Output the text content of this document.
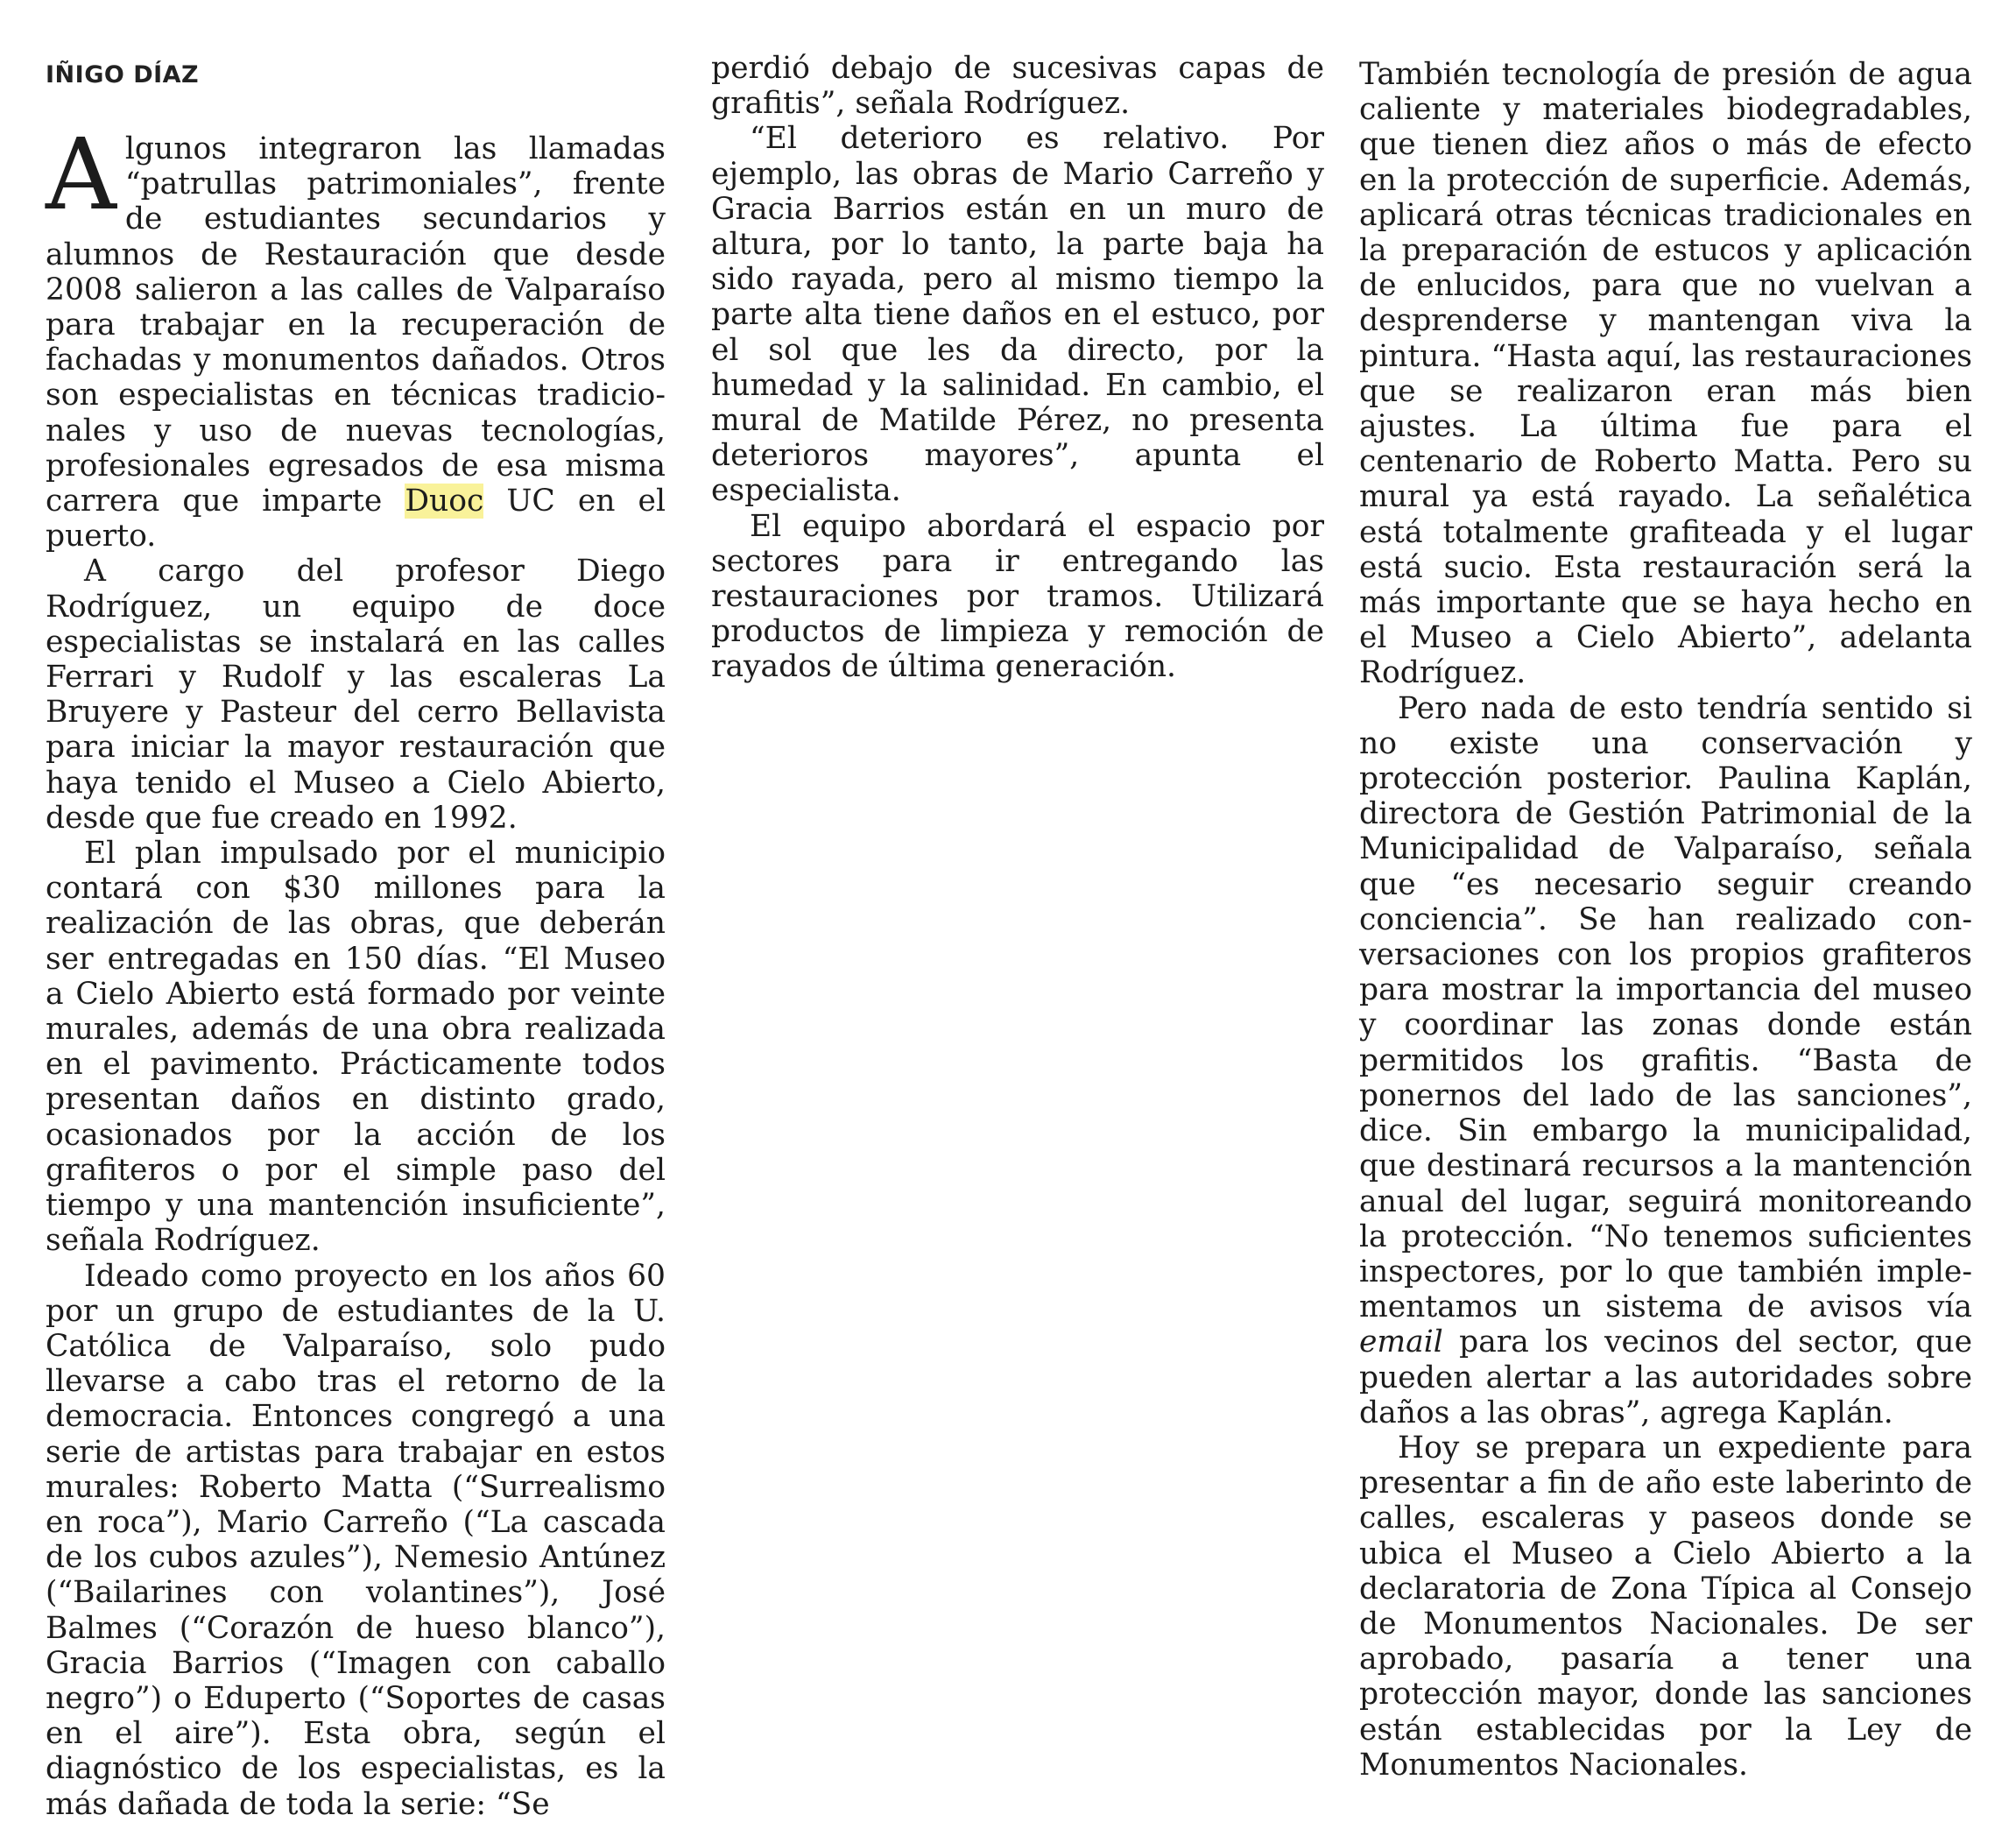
IÑIGO DÍAZ

Algunos integraron las llamadas “patrullas patrimoniales”, frente de estudiantes secundarios y alumnos de Restauración que desde 2008 salieron a las calles de Valparaíso para trabajar en la recuperación de fachadas y monumentos dañados. Otros son especialistas en técnicas tradicionales y uso de nuevas tecnologías, profesionales egresados de esa misma carrera que imparte Duoc UC en el puerto.

A cargo del profesor Diego Rodríguez, un equipo de doce especialistas se instalará en las calles Ferrari y Rudolf y las escaleras La Bruyere y Pasteur del cerro Bellavista para iniciar la mayor restauración que haya tenido el Museo a Cielo Abierto, desde que fue creado en 1992.

El plan impulsado por el municipio contará con $30 millones para la realización de las obras, que deberán ser entregadas en 150 días. “El Museo a Cielo Abierto está formado por veinte murales, además de una obra realizada en el pavimento. Prácticamente todos presentan daños en distinto grado, ocasionados por la acción de los grafiteros o por el simple paso del tiempo y una mantención insuficiente”, señala Rodríguez.

Ideado como proyecto en los años 60 por un grupo de estudiantes de la U. Católica de Valparaíso, solo pudo llevarse a cabo tras el retorno de la democracia. Entonces congregó a una serie de artistas para trabajar en estos murales: Roberto Matta (“Surrealismo en roca”), Mario Carreño (“La cascada de los cubos azules”), Nemesio Antúnez (“Bailarines con volantines”), José Balmes (“Corazón de hueso blanco”), Gracia Barrios (“Imagen con caballo negro”) o Eduperto (“Soportes de casas en el aire”). Esta obra, según el diagnóstico de los especialistas, es la más dañada de toda la serie: “Se

perdió debajo de sucesivas capas de grafitis”, señala Rodríguez.

“El deterioro es relativo. Por ejemplo, las obras de Mario Carreño y Gracia Barrios están en un muro de altura, por lo tanto, la parte baja ha sido rayada, pero al mismo tiempo la parte alta tiene daños en el estuco, por el sol que les da directo, por la humedad y la salinidad. En cambio, el mural de Matilde Pérez, no presenta deterioros mayores”, apunta el especialista.

El equipo abordará el espacio por sectores para ir entregando las restauraciones por tramos. Utilizará productos de limpieza y remoción de rayados de última generación.

También tecnología de presión de agua caliente y materiales biodegradables, que tienen diez años o más de efecto en la protección de superficie. Además, aplicará otras técnicas tradicionales en la preparación de estucos y aplicación de enlucidos, para que no vuelvan a desprenderse y mantengan viva la pintura. “Hasta aquí, las restauraciones que se realizaron eran más bien ajustes. La última fue para el centenario de Roberto Matta. Pero su mural ya está rayado. La señalética está totalmente grafiteada y el lugar está sucio. Esta restauración será la más importante que se haya hecho en el Museo a Cielo Abierto”, adelanta Rodríguez.

Pero nada de esto tendría sentido si no existe una conservación y protección posterior. Paulina Kaplán, directora de Gestión Patrimonial de la Municipalidad de Valparaíso, señala que “es necesario seguir creando conciencia”. Se han realizado conversaciones con los propios grafiteros para mostrar la importancia del museo y coordinar las zonas donde están permitidos los grafitis. “Basta de ponernos del lado de las sanciones”, dice. Sin embargo la municipalidad, que destinará recursos a la mantención anual del lugar, seguirá monitoreando la protección. “No tenemos suficientes inspectores, por lo que también implementamos un sistema de avisos vía email para los vecinos del sector, que pueden alertar a las autoridades sobre daños a las obras”, agrega Kaplán.

Hoy se prepara un expediente para presentar a fin de año este laberinto de calles, escaleras y paseos donde se ubica el Museo a Cielo Abierto a la declaratoria de Zona Típica al Consejo de Monumentos Nacionales. De ser aprobado, pasaría a tener una protección mayor, donde las sanciones están establecidas por la Ley de Monumentos Nacionales.
